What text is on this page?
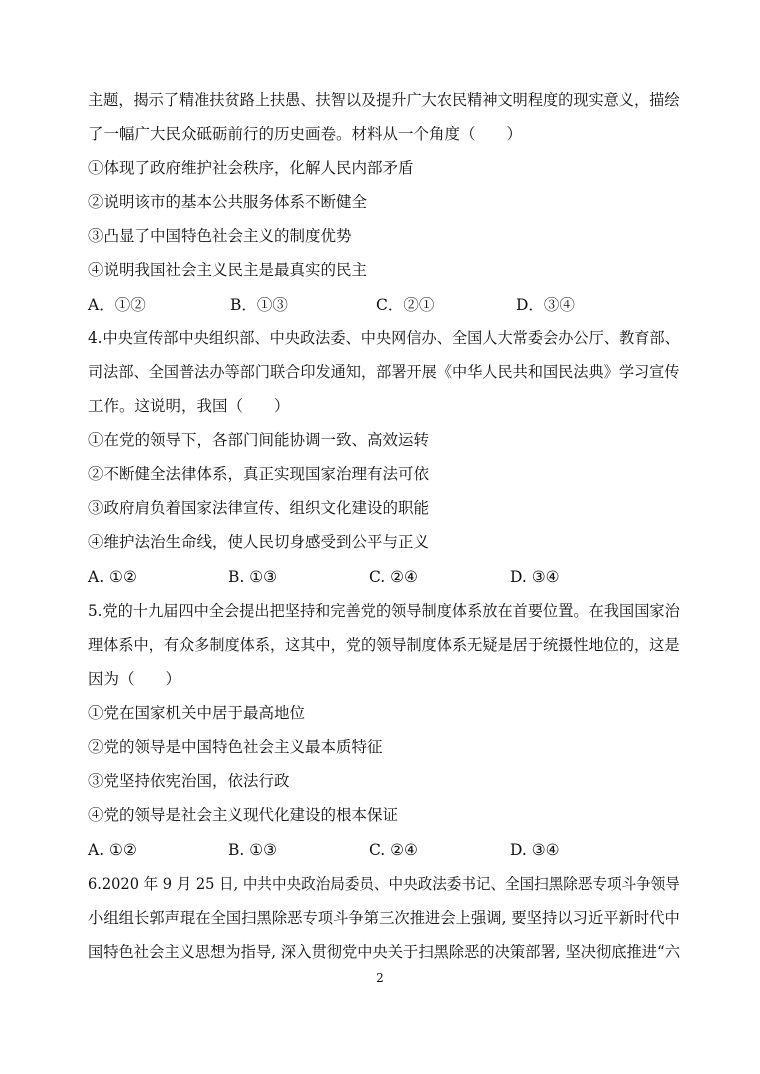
主题，揭示了精准扶贫路上扶愚、扶智以及提升广大农民精神文明程度的现实意义，描绘
了一幅广大民众砥砺前行的历史画卷。材料从一个角度（　　）
①体现了政府维护社会秩序，化解人民内部矛盾
②说明该市的基本公共服务体系不断健全
③凸显了中国特色社会主义的制度优势
④说明我国社会主义民主是最真实的民主
A．①②	B．①③	C．②①	D．③④
4.中央宣传部中央组织部、中央政法委、中央网信办、全国人大常委会办公厅、教育部、
司法部、全国普法办等部门联合印发通知，部署开展《中华人民共和国民法典》学习宣传
工作。这说明，我国（　　）
①在党的领导下，各部门间能协调一致、高效运转
②不断健全法律体系，真正实现国家治理有法可依
③政府肩负着国家法律宣传、组织文化建设的职能
④维护法治生命线，使人民切身感受到公平与正义
A. ①②	B. ①③	C. ②④	D. ③④
5.党的十九届四中全会提出把坚持和完善党的领导制度体系放在首要位置。在我国国家治
理体系中，有众多制度体系，这其中，党的领导制度体系无疑是居于统摄性地位的，这是
因为（　　）
①党在国家机关中居于最高地位
②党的领导是中国特色社会主义最本质特征
③党坚持依宪治国，依法行政
④党的领导是社会主义现代化建设的根本保证
A. ①②	B. ①③	C. ②④	D. ③④
6.2020 年 9 月 25 日, 中共中央政治局委员、中央政法委书记、全国扫黑除恶专项斗争领导
小组组长郭声琨在全国扫黑除恶专项斗争第三次推进会上强调, 要坚持以习近平新时代中
国特色社会主义思想为指导, 深入贯彻党中央关于扫黑除恶的决策部署, 坚决彻底推进“六
2
